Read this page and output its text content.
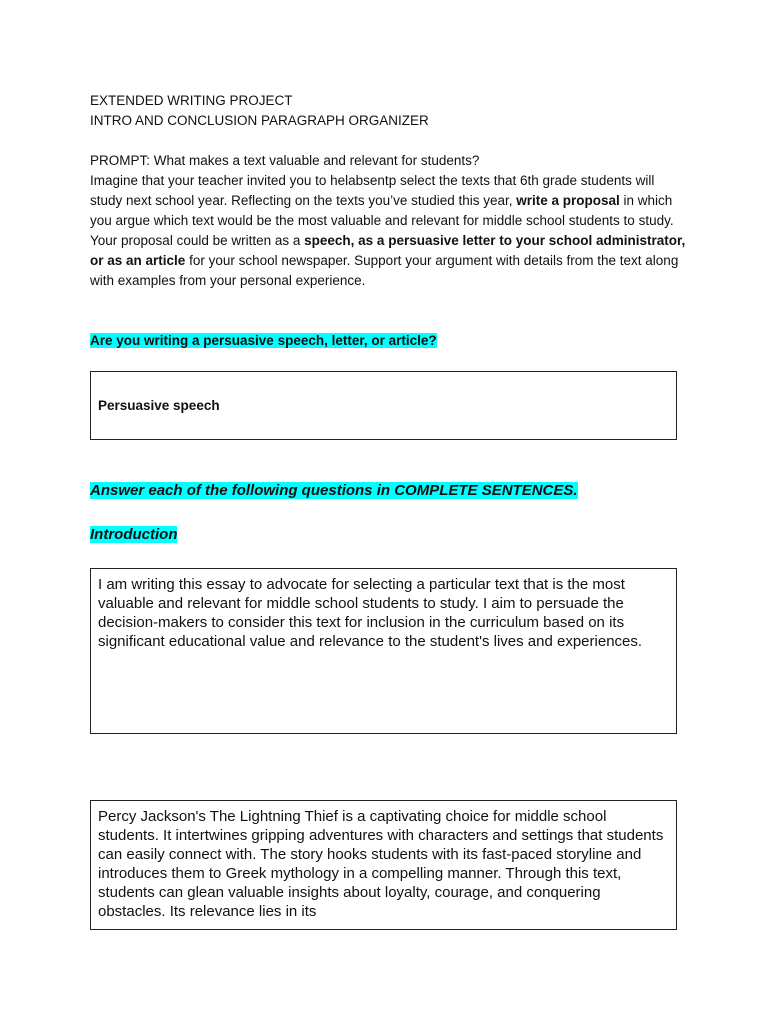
EXTENDED WRITING PROJECT
INTRO AND CONCLUSION PARAGRAPH ORGANIZER

PROMPT: What makes a text valuable and relevant for students?

Imagine that your teacher invited you to helabsentp select the texts that 6th grade students will study next school year. Reflecting on the texts you’ve studied this year, write a proposal in which you argue which text would be the most valuable and relevant for middle school students to study. Your proposal could be written as a speech, as a persuasive letter to your school administrator, or as an article for your school newspaper. Support your argument with details from the text along with examples from your personal experience.

Are you writing a persuasive speech, letter, or article?
Persuasive speech
Answer each of the following questions in COMPLETE SENTENCES.
Introduction
I am writing this essay to advocate for selecting a particular text that is the most valuable and relevant for middle school students to study. I aim to persuade the decision-makers to consider this text for inclusion in the curriculum based on its significant educational value and relevance to the student's lives and experiences.
Percy Jackson's The Lightning Thief is a captivating choice for middle school students. It intertwines gripping adventures with characters and settings that students can easily connect with. The story hooks students with its fast-paced storyline and introduces them to Greek mythology in a compelling manner. Through this text, students can glean valuable insights about loyalty, courage, and conquering obstacles. Its relevance lies in its
